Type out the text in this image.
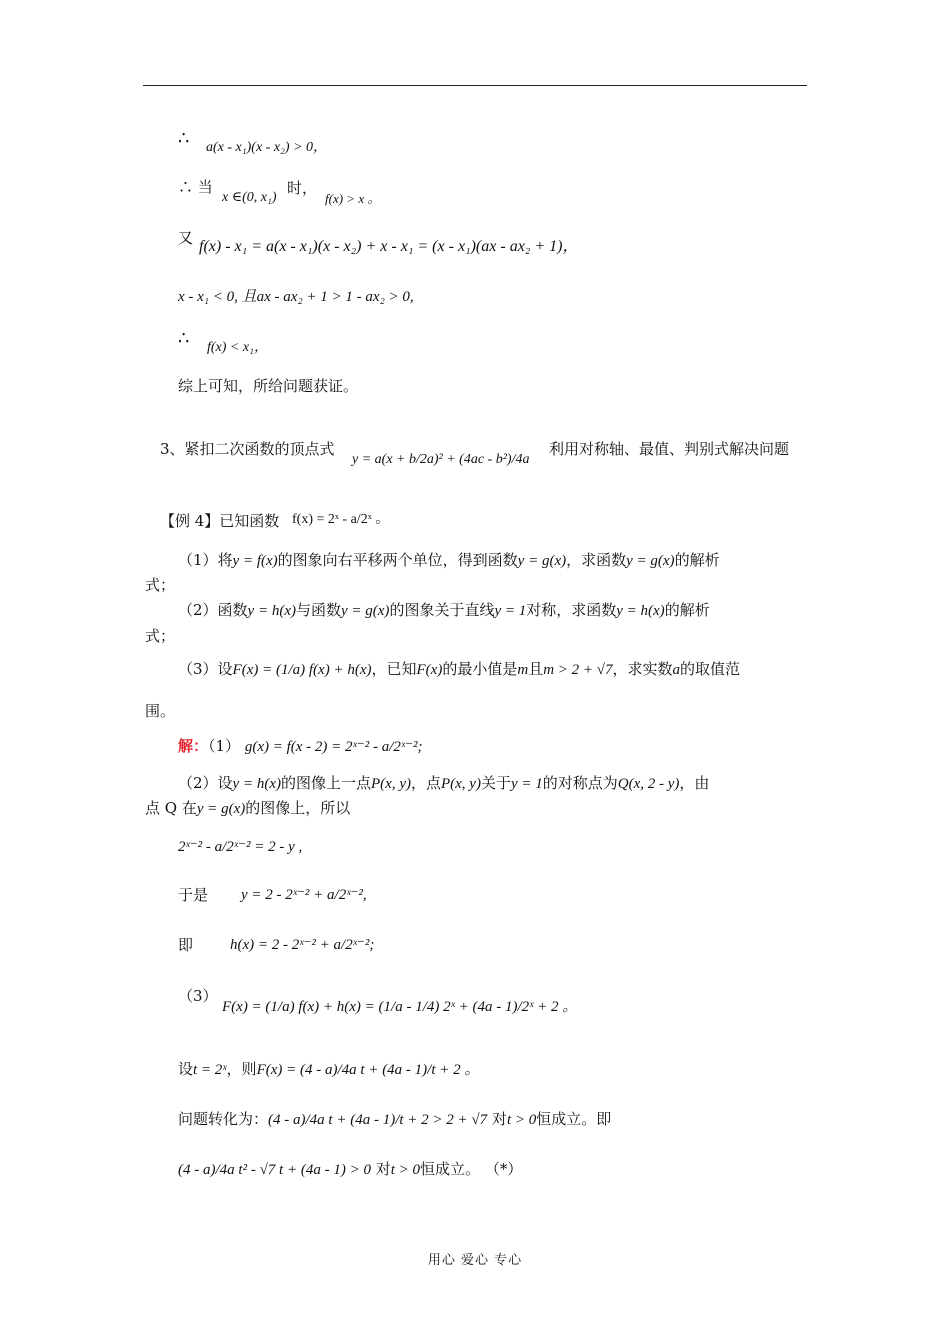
∴ a(x - x₁)(x - x₂) > 0，
∴ 当
x ∈(0, x₁)
时，
f(x) > x 。
又 f(x) - x₁ = a(x - x₁)(x - x₂) + x - x₁ = (x - x₁)(ax - ax₂ + 1)，
x - x₁ < 0, 且ax - ax₂ + 1 > 1 - ax₂ > 0,
∴ f(x) < x₁，
综上可知，所给问题获证。
3、紧扣二次函数的顶点式
y = a(x + b/2a)² + (4ac - b²)/4a
利用对称轴、最值、判别式解决问题
【例 4】已知函数 f(x) = 2ˣ - a/2ˣ 。
（1）将y = f(x)的图象向右平移两个单位，得到函数y = g(x)，求函数y = g(x)的解析
式；
（2）函数y = h(x)与函数y = g(x)的图象关于直线y = 1对称，求函数y = h(x)的解析
式；
（3）设F(x) = (1/a) f(x) + h(x)，已知F(x)的最小值是m且m > 2 + √7，求实数a的取值范
围。
解：（1） g(x) = f(x - 2) = 2ˣ⁻² - a/2ˣ⁻²;
（2）设y = h(x)的图像上一点P(x, y)，点P(x, y)关于y = 1的对称点为Q(x, 2 - y)，由
点 Q 在y = g(x)的图像上，所以
2ˣ⁻² - a/2ˣ⁻² = 2 - y ,
于是 y = 2 - 2ˣ⁻² + a/2ˣ⁻²,
即 h(x) = 2 - 2ˣ⁻² + a/2ˣ⁻²;
（3）
F(x) = (1/a) f(x) + h(x) = (1/a - 1/4) 2ˣ + (4a - 1)/2ˣ + 2 。
设t = 2ˣ，则F(x) = (4 - a)/4a t + (4a - 1)/t + 2 。
问题转化为：(4 - a)/4a t + (4a - 1)/t + 2 > 2 + √7 对t > 0恒成立。即
(4 - a)/4a t² - √7 t + (4a - 1) > 0 对t > 0恒成立。 （*）
用心 爱心 专心
